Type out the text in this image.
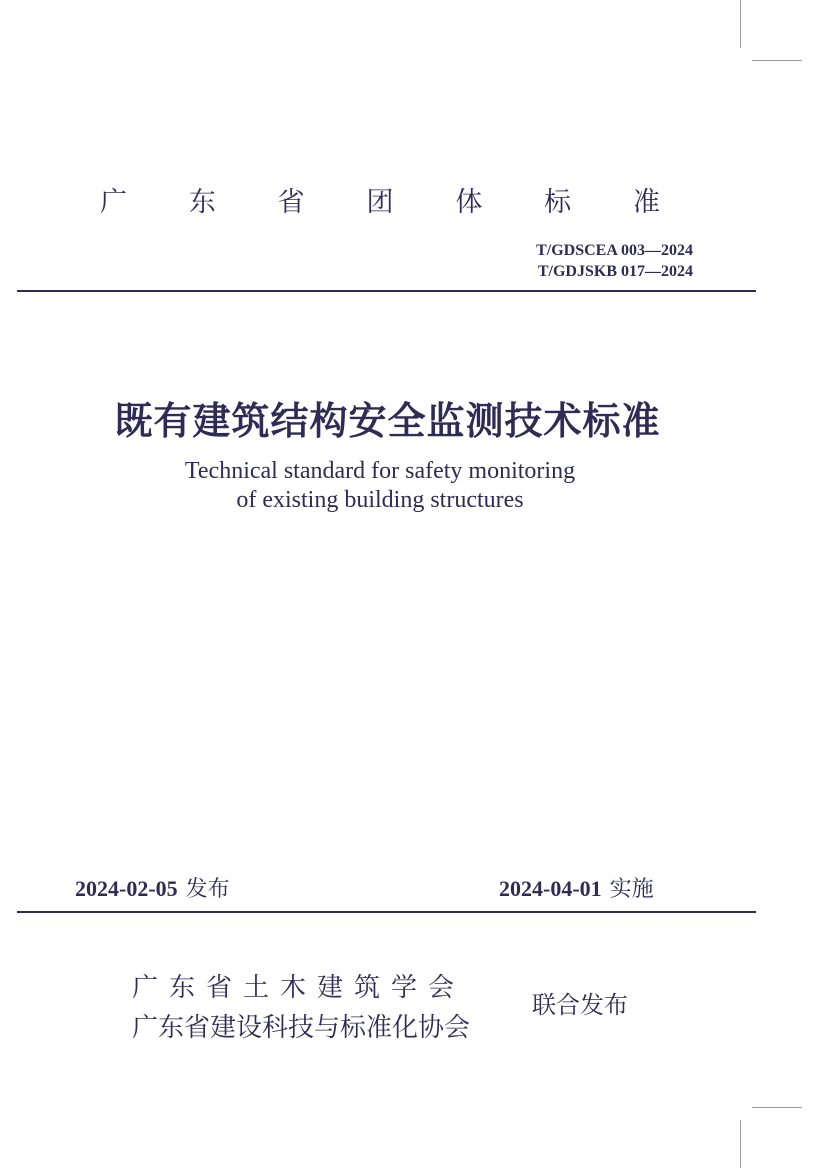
广 东 省 团 体 标 准
T/GDSCEA 003—2024
T/GDJSKB 017—2024
既有建筑结构安全监测技术标准
Technical standard for safety monitoring
of existing building structures
2024-02-05 发布	2024-04-01 实施
广东省土木建筑学会
广东省建设科技与标准化协会
联合发布
